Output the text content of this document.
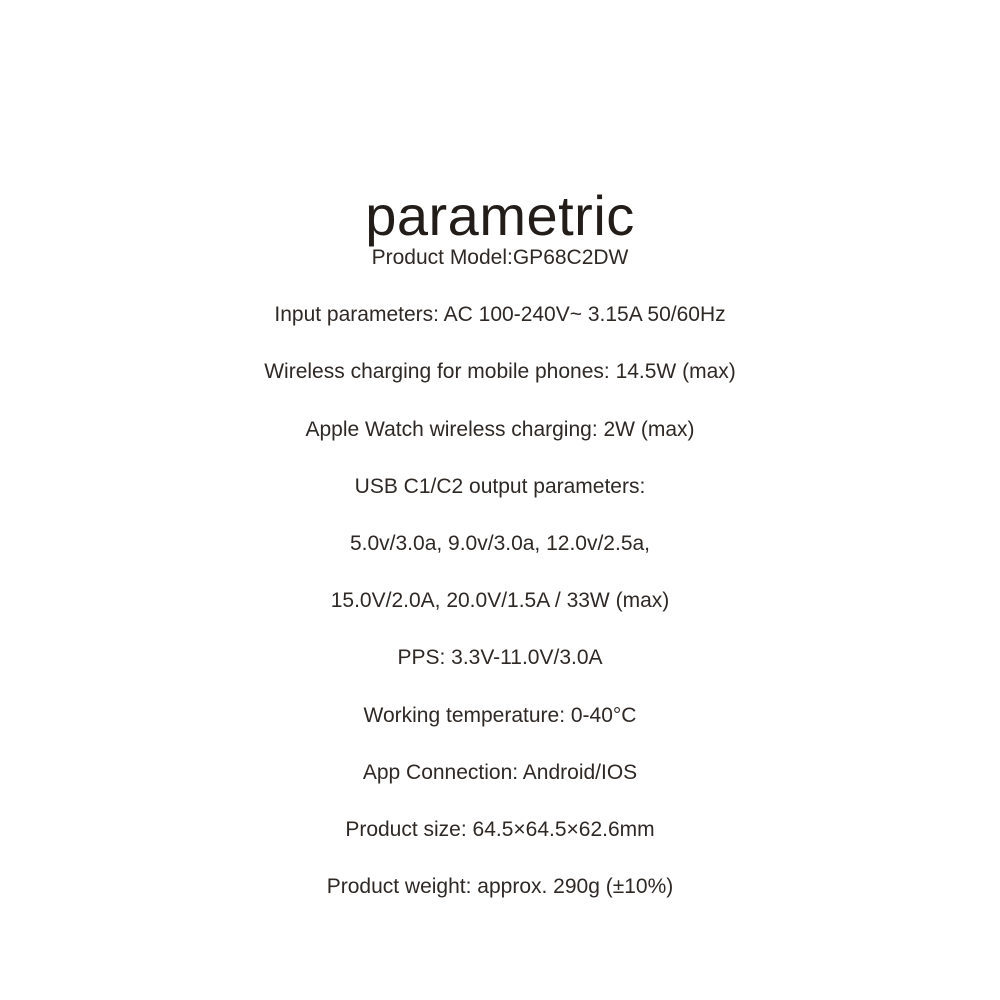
parametric
Product Model:GP68C2DW
Input parameters: AC 100-240V~ 3.15A 50/60Hz
Wireless charging for mobile phones: 14.5W (max)
Apple Watch wireless charging: 2W (max)
USB C1/C2 output parameters:
5.0v/3.0a, 9.0v/3.0a, 12.0v/2.5a,
15.0V/2.0A, 20.0V/1.5A / 33W (max)
PPS: 3.3V-11.0V/3.0A
Working temperature: 0-40°C
App Connection: Android/IOS
Product size: 64.5×64.5×62.6mm
Product weight: approx. 290g (±10%)
